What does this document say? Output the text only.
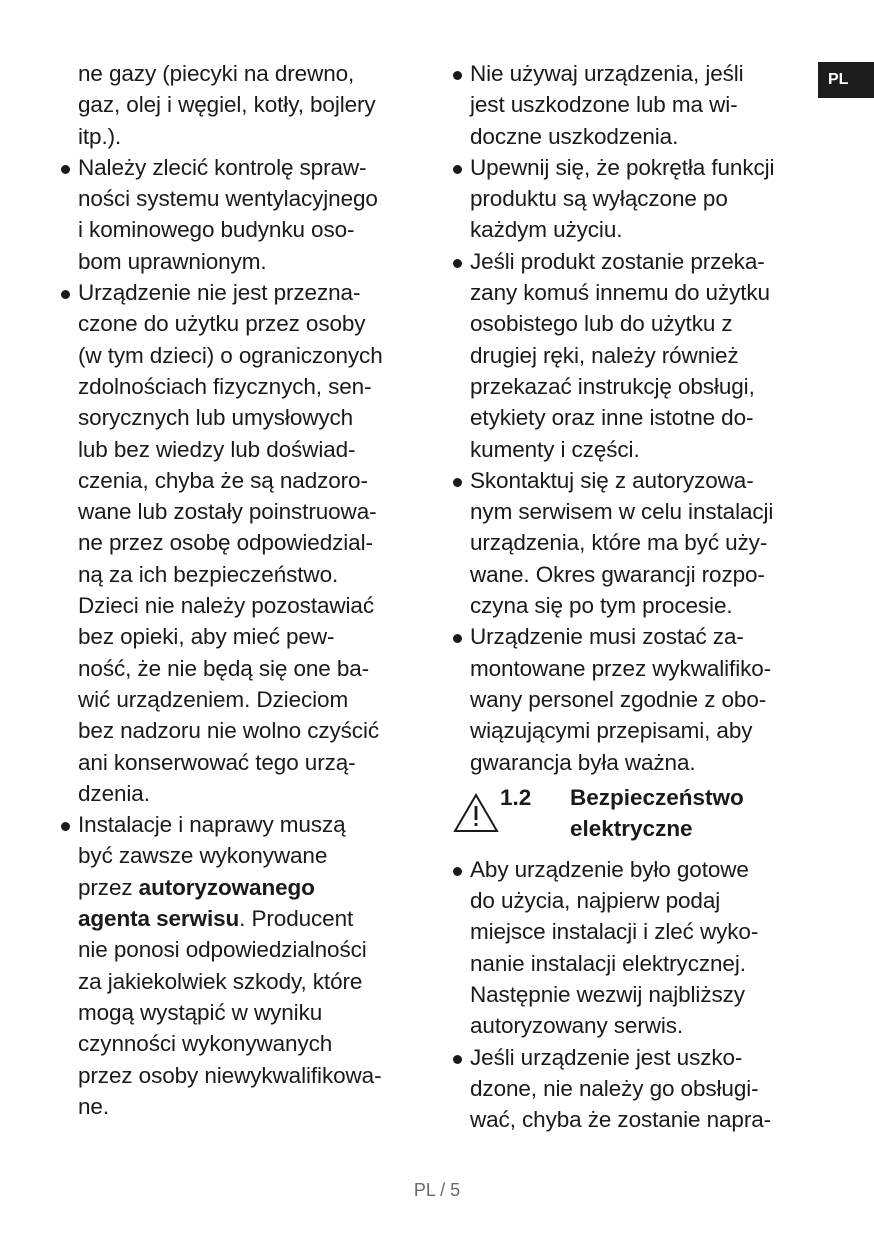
PL
ne gazy (piecyki na drewno,
gaz, olej i węgiel, kotły, bojlery
itp.).
Należy zlecić kontrolę spraw-
ności systemu wentylacyjnego
i kominowego budynku oso-
bom uprawnionym.
Urządzenie nie jest przezna-
czone do użytku przez osoby
(w tym dzieci) o ograniczonych
zdolnościach fizycznych, sen-
sorycznych lub umysłowych
lub bez wiedzy lub doświad-
czenia, chyba że są nadzoro-
wane lub zostały poinstruowa-
ne przez osobę odpowiedzial-
ną za ich bezpieczeństwo.
Dzieci nie należy pozostawiać
bez opieki, aby mieć pew-
ność, że nie będą się one ba-
wić urządzeniem. Dzieciom
bez nadzoru nie wolno czyścić
ani konserwować tego urzą-
dzenia.
Instalacje i naprawy muszą
być zawsze wykonywane
przez autoryzowanego
agenta serwisu. Producent
nie ponosi odpowiedzialności
za jakiekolwiek szkody, które
mogą wystąpić w wyniku
czynności wykonywanych
przez osoby niewykwalifikowa-
ne.
Nie używaj urządzenia, jeśli
jest uszkodzone lub ma wi-
doczne uszkodzenia.
Upewnij się, że pokrętła funkcji
produktu są wyłączone po
każdym użyciu.
Jeśli produkt zostanie przeka-
zany komuś innemu do użytku
osobistego lub do użytku z
drugiej ręki, należy również
przekazać instrukcję obsługi,
etykiety oraz inne istotne do-
kumenty i części.
Skontaktuj się z autoryzowa-
nym serwisem w celu instalacji
urządzenia, które ma być uży-
wane. Okres gwarancji rozpo-
czyna się po tym procesie.
Urządzenie musi zostać za-
montowane przez wykwalifiko-
wany personel zgodnie z obo-
wiązującymi przepisami, aby
gwarancja była ważna.
1.2 Bezpieczeństwo
elektryczne
Aby urządzenie było gotowe
do użycia, najpierw podaj
miejsce instalacji i zleć wyko-
nanie instalacji elektrycznej.
Następnie wezwij najbliższy
autoryzowany serwis.
Jeśli urządzenie jest uszko-
dzone, nie należy go obsługi-
wać, chyba że zostanie napra-
PL / 5
